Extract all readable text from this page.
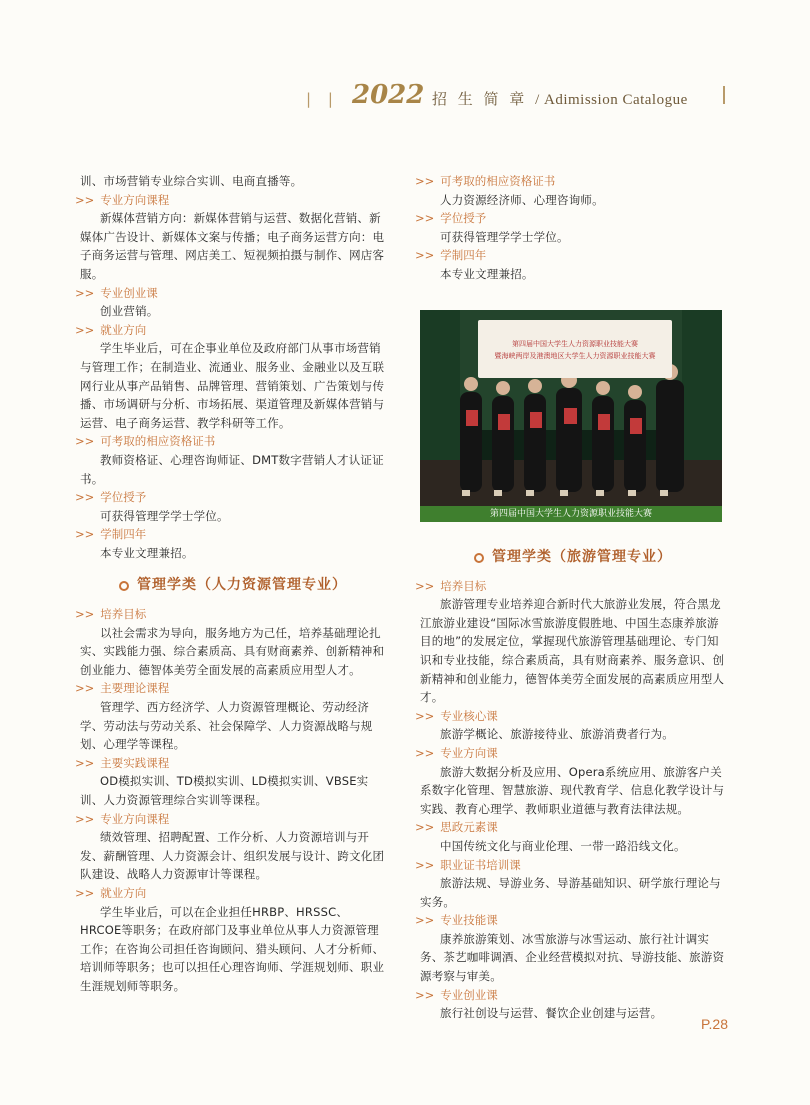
| | 2022 招 生 简 章 / Adimission Catalogue

训、市场营销专业综合实训、电商直播等。

>> 专业方向课程

新媒体营销方向：新媒体营销与运营、数据化营销、新媒体广告设计、新媒体文案与传播；电子商务运营方向：电子商务运营与管理、网店美工、短视频拍摄与制作、网店客服。

>> 专业创业课

创业营销。

>> 就业方向

学生毕业后，可在企事业单位及政府部门从事市场营销与管理工作；在制造业、流通业、服务业、金融业以及互联网行业从事产品销售、品牌管理、营销策划、广告策划与传播、市场调研与分析、市场拓展、渠道管理及新媒体营销与运营、电子商务运营、教学科研等工作。

>> 可考取的相应资格证书

教师资格证、心理咨询师证、DMT数字营销人才认证证书。

>> 学位授予

可获得管理学学士学位。

>> 学制四年

本专业文理兼招。

管理学类（人力资源管理专业）
>> 培养目标

以社会需求为导向，服务地方为己任，培养基础理论扎实、实践能力强、综合素质高、具有财商素养、创新精神和创业能力、德智体美劳全面发展的高素质应用型人才。

>> 主要理论课程

管理学、西方经济学、人力资源管理概论、劳动经济学、劳动法与劳动关系、社会保障学、人力资源战略与规划、心理学等课程。

>> 主要实践课程

OD模拟实训、TD模拟实训、LD模拟实训、VBSE实训、人力资源管理综合实训等课程。

>> 专业方向课程

绩效管理、招聘配置、工作分析、人力资源培训与开发、薪酬管理、人力资源会计、组织发展与设计、跨文化团队建设、战略人力资源审计等课程。

>> 就业方向

学生毕业后，可以在企业担任HRBP、HRSSC、HRCOE等职务；在政府部门及事业单位从事人力资源管理工作；在咨询公司担任咨询顾问、猎头顾问、人才分析师、培训师等职务；也可以担任心理咨询师、学涯规划师、职业生涯规划师等职务。

>> 可考取的相应资格证书

人力资源经济师、心理咨询师。

>> 学位授予

可获得管理学学士学位。

>> 学制四年

本专业文理兼招。

第四届中国大学生人力资源职业技能大赛
暨海峡两岸及港澳地区大学生人力资源职业技能大赛
第四届中国大学生人力资源职业技能大赛
管理学类（旅游管理专业）
>> 培养目标

旅游管理专业培养迎合新时代大旅游业发展，符合黑龙江旅游业建设“国际冰雪旅游度假胜地、中国生态康养旅游目的地”的发展定位，掌握现代旅游管理基础理论、专门知识和专业技能，综合素质高，具有财商素养、服务意识、创新精神和创业能力，德智体美劳全面发展的高素质应用型人才。

>> 专业核心课

旅游学概论、旅游接待业、旅游消费者行为。

>> 专业方向课

旅游大数据分析及应用、Opera系统应用、旅游客户关系数字化管理、智慧旅游、现代教育学、信息化教学设计与实践、教育心理学、教师职业道德与教育法律法规。

>> 思政元素课

中国传统文化与商业伦理、一带一路沿线文化。

>> 职业证书培训课

旅游法规、导游业务、导游基础知识、研学旅行理论与实务。

>> 专业技能课

康养旅游策划、冰雪旅游与冰雪运动、旅行社计调实务、茶艺咖啡调酒、企业经营模拟对抗、导游技能、旅游资源考察与审美。

>> 专业创业课

旅行社创设与运营、餐饮企业创建与运营。

P.28
